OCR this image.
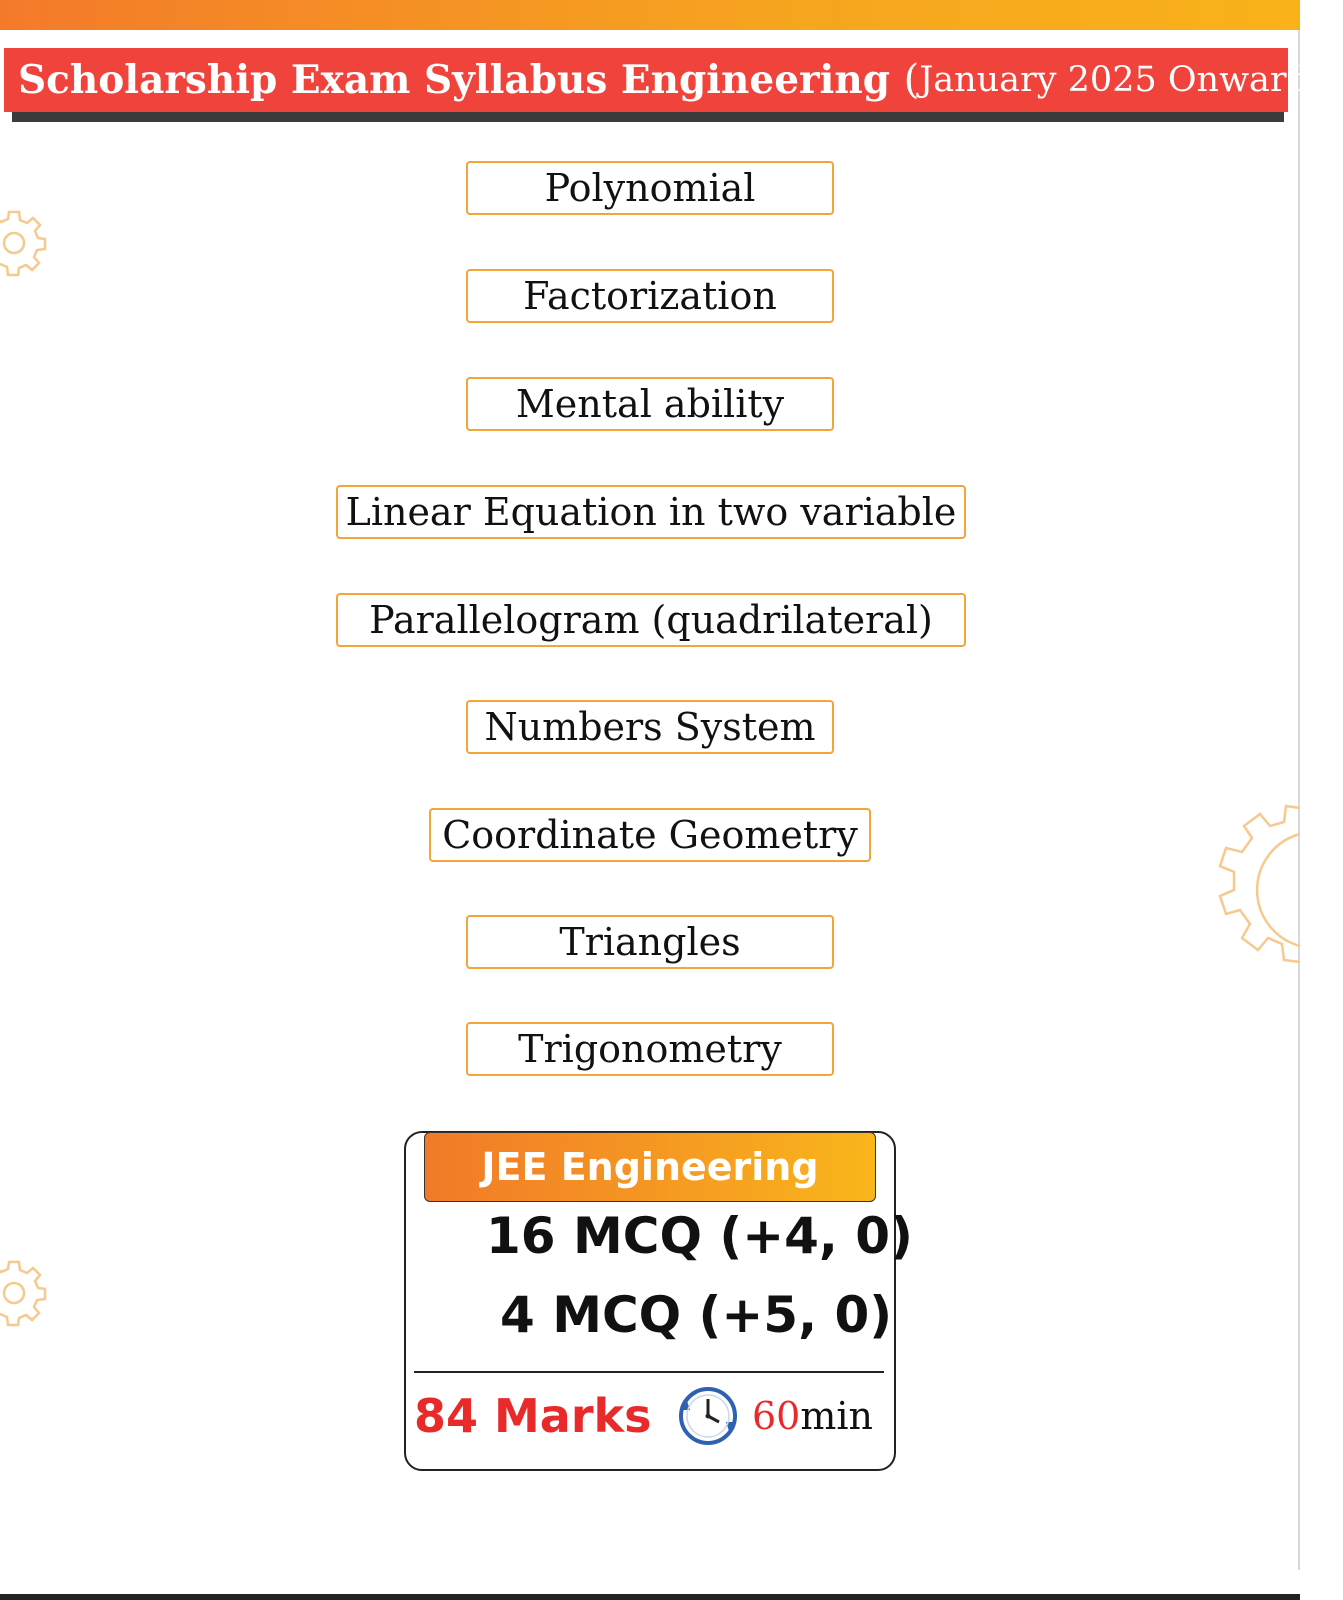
Scholarship Exam Syllabus Engineering
( January 2025 Onwards )
Polynomial
Factorization
Mental ability
Linear Equation in two variable
Parallelogram (quadrilateral)
Numbers System
Coordinate Geometry
Triangles
Trigonometry
JEE Engineering
16 MCQ (+4, 0)
4 MCQ (+5, 0)
84 Marks	60min
